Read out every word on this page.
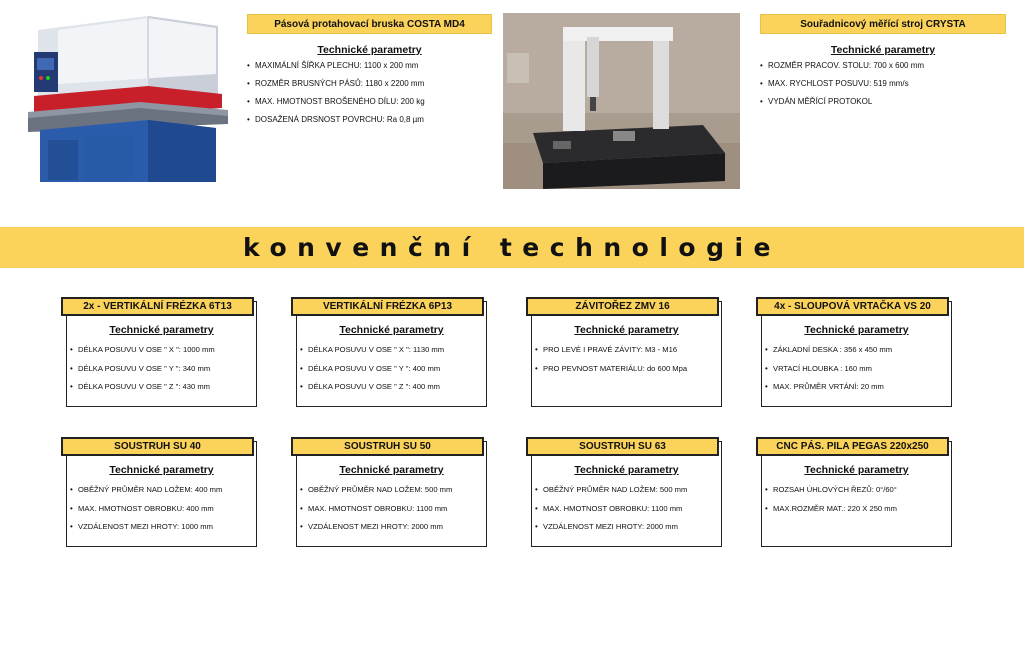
Pásová protahovací bruska COSTA MD4
Technické parametry
• MAXIMÁLNÍ ŠÍŘKA PLECHU: 1100 x 200 mm
• ROZMĚR BRUSNÝCH PÁSŮ: 1180 x 2200 mm
• MAX. HMOTNOST BROŠENÉHO DÍLU: 200 kg
• DOSAŽENÁ DRSNOST POVRCHU: Ra 0,8 µm
Souřadnicový měřící stroj CRYSTA
Technické parametry
• ROZMĚR PRACOV. STOLU: 700 x 600 mm
• MAX. RYCHLOST POSUVU: 519 mm/s
• VYDÁN MĚŘÍCÍ PROTOKOL
konvenční technologie
2x - VERTIKÁLNÍ FRÉZKA 6T13
Technické parametry
• DÉLKA POSUVU V OSE " X ": 1000 mm
• DÉLKA POSUVU V OSE " Y ": 340 mm
• DÉLKA POSUVU V OSE " Z ": 430 mm
VERTIKÁLNÍ FRÉZKA 6P13
Technické parametry
• DÉLKA POSUVU V OSE " X ": 1130 mm
• DÉLKA POSUVU V OSE " Y ": 400 mm
• DÉLKA POSUVU V OSE " Z ": 400 mm
ZÁVITOŘEZ ZMV 16
Technické parametry
• PRO LEVÉ I PRAVÉ ZÁVITY: M3 - M16
• PRO PEVNOST MATERIÁLU: do 600 Mpa
4x - SLOUPOVÁ VRTAČKA VS 20
Technické parametry
• ZÁKLADNÍ DESKA : 356 x 450 mm
• VRTACÍ HLOUBKA : 160 mm
• MAX. PRŮMĚR VRTÁNÍ: 20 mm
SOUSTRUH SU 40
Technické parametry
• OBĚŽNÝ PRŮMĚR NAD LOŽEM: 400 mm
• MAX. HMOTNOST OBROBKU: 400 mm
• VZDÁLENOST MEZI HROTY: 1000 mm
SOUSTRUH SU 50
Technické parametry
• OBĚŽNÝ PRŮMĚR NAD LOŽEM: 500 mm
• MAX. HMOTNOST OBROBKU: 1100 mm
• VZDÁLENOST MEZI HROTY: 2000 mm
SOUSTRUH SU 63
Technické parametry
• OBĚŽNÝ PRŮMĚR NAD LOŽEM: 500 mm
• MAX. HMOTNOST OBROBKU: 1100 mm
• VZDÁLENOST MEZI HROTY: 2000 mm
CNC PÁS. PILA PEGAS 220x250
Technické parametry
• ROZSAH ÚHLOVÝCH ŘEZŮ: 0°/60°
• MAX.ROZMĚR MAT.: 220 X 250 mm
